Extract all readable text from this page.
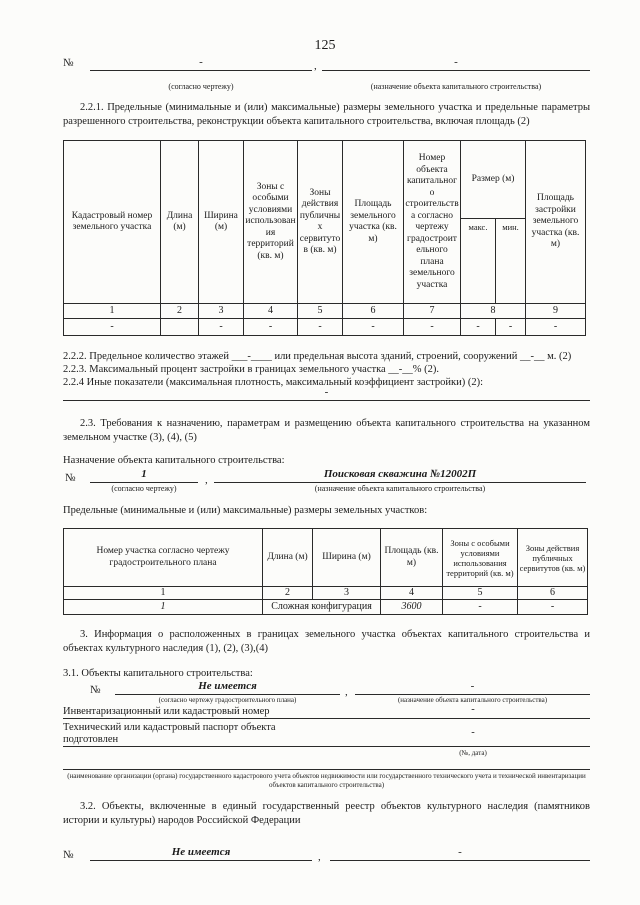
125
№	-	,	-
(согласно чертежу)	(назначение объекта капитального строительства)
2.2.1. Предельные (минимальные и (или) максимальные) размеры земельного участка и предельные параметры разрешенного строительства, реконструкции объекта капитального строительства, включая площадь (2)
Кадастровый номер земельного участка	Длина (м)	Ширина (м)	Зоны с особыми условиями использования территорий (кв. м)	Зоны действия публичных сервитутов (кв. м)	Площадь земельного участка (кв. м)	Номер объекта капитального строительства согласно чертежу градостроительного плана земельного участка	Размер (м)		Площадь застройки земельного участка (кв. м)
							макс.	мин.	
1	2	3	4	5	6	7	8		9
-		-	-	-	-	-	-	-	-
2.2.2. Предельное количество этажей ___-____ или предельная высота зданий, строений, сооружений __-__ м. (2)
2.2.3. Максимальный процент застройки в границах земельного участка __-__% (2).
2.2.4 Иные показатели (максимальная плотность, максимальный коэффициент застройки) (2):
-
2.3. Требования к назначению, параметрам и размещению объекта капитального строительства на указанном земельном участке (3), (4), (5)
Назначение объекта капитального строительства:
№	1	,	Поисковая скважина №12002П
(согласно чертежу)	(назначение объекта капитального строительства)
Предельные (минимальные и (или) максимальные) размеры земельных участков:
Номер участка согласно чертежу градостроительного плана	Длина (м)	Ширина (м)	Площадь (кв. м)	Зоны с особыми условиями использования территорий (кв. м)	Зоны действия публичных сервитутов (кв. м)
1	2	3	4	5	6
1	Сложная конфигурация		3600	-	-
3. Информация о расположенных в границах земельного участка объектах капитального строительства и объектах культурного наследия (1), (2), (3),(4)
3.1. Объекты капитального строительства:
№	Не имеется	,	-
(согласно чертежу градостроительного плана)	(назначение объекта капитального строительства)
Инвентаризационный или кадастровый номер	-
Технический или кадастровый паспорт объекта
подготовлен
-
(№, дата)
(наименование организации (органа) государственного кадастрового учета объектов недвижимости или государственного технического учета и технической инвентаризации объектов капитального строительства)
3.2. Объекты, включенные в единый государственный реестр объектов культурного наследия (памятников истории и культуры) народов Российской Федерации
№	Не имеется	,	-
